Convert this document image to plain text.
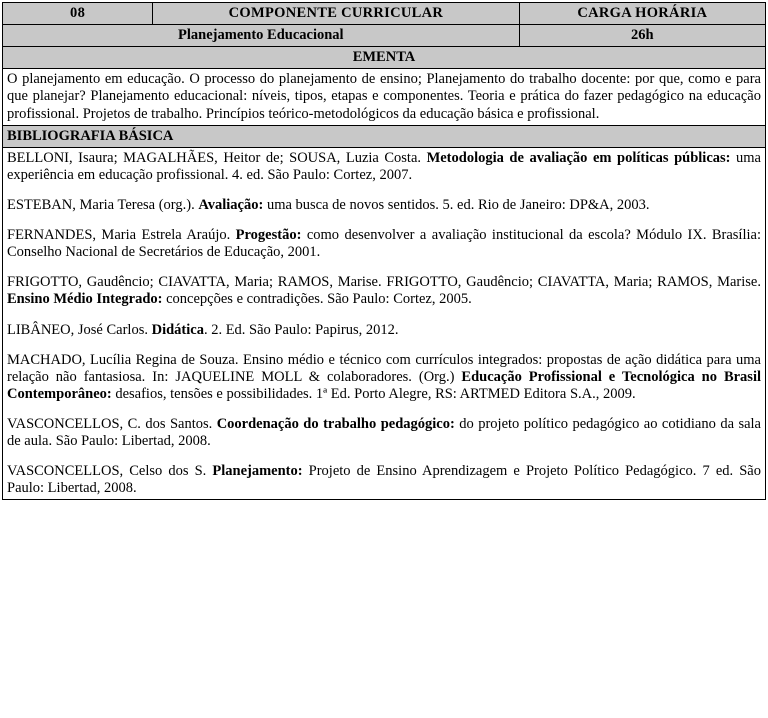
08	COMPONENTE CURRICULAR	CARGA HORÁRIA
Planejamento Educacional		26h
EMENTA		
O planejamento em educação. O processo do planejamento de ensino; Planejamento do trabalho docente: por que, como e para que planejar? Planejamento educacional: níveis, tipos, etapas e componentes. Teoria e prática do fazer pedagógico na educação profissional. Projetos de trabalho. Princípios teórico-metodológicos da educação básica e profissional.		
BIBLIOGRAFIA BÁSICA		

BELLONI, Isaura; MAGALHÃES, Heitor de; SOUSA, Luzia Costa. Metodologia de avaliação em políticas públicas: uma experiência em educação profissional. 4. ed. São Paulo: Cortez, 2007.

ESTEBAN, Maria Teresa (org.). Avaliação: uma busca de novos sentidos. 5. ed. Rio de Janeiro: DP&A, 2003.

FERNANDES, Maria Estrela Araújo. Progestão: como desenvolver a avaliação institucional da escola? Módulo IX. Brasília: Conselho Nacional de Secretários de Educação, 2001.

FRIGOTTO, Gaudêncio; CIAVATTA, Maria; RAMOS, Marise. FRIGOTTO, Gaudêncio; CIAVATTA, Maria; RAMOS, Marise. Ensino Médio Integrado: concepções e contradições. São Paulo: Cortez, 2005.

LIBÂNEO, José Carlos. Didática. 2. Ed. São Paulo: Papirus, 2012.

MACHADO, Lucília Regina de Souza. Ensino médio e técnico com currículos integrados: propostas de ação didática para uma relação não fantasiosa. In: JAQUELINE MOLL & colaboradores. (Org.) Educação Profissional e Tecnológica no Brasil Contemporâneo: desafios, tensões e possibilidades. 1ª Ed. Porto Alegre, RS: ARTMED Editora S.A., 2009.

VASCONCELLOS, C. dos Santos. Coordenação do trabalho pedagógico: do projeto político pedagógico ao cotidiano da sala de aula. São Paulo: Libertad, 2008.

VASCONCELLOS, Celso dos S. Planejamento: Projeto de Ensino Aprendizagem e Projeto Político Pedagógico. 7 ed. São Paulo: Libertad, 2008.
